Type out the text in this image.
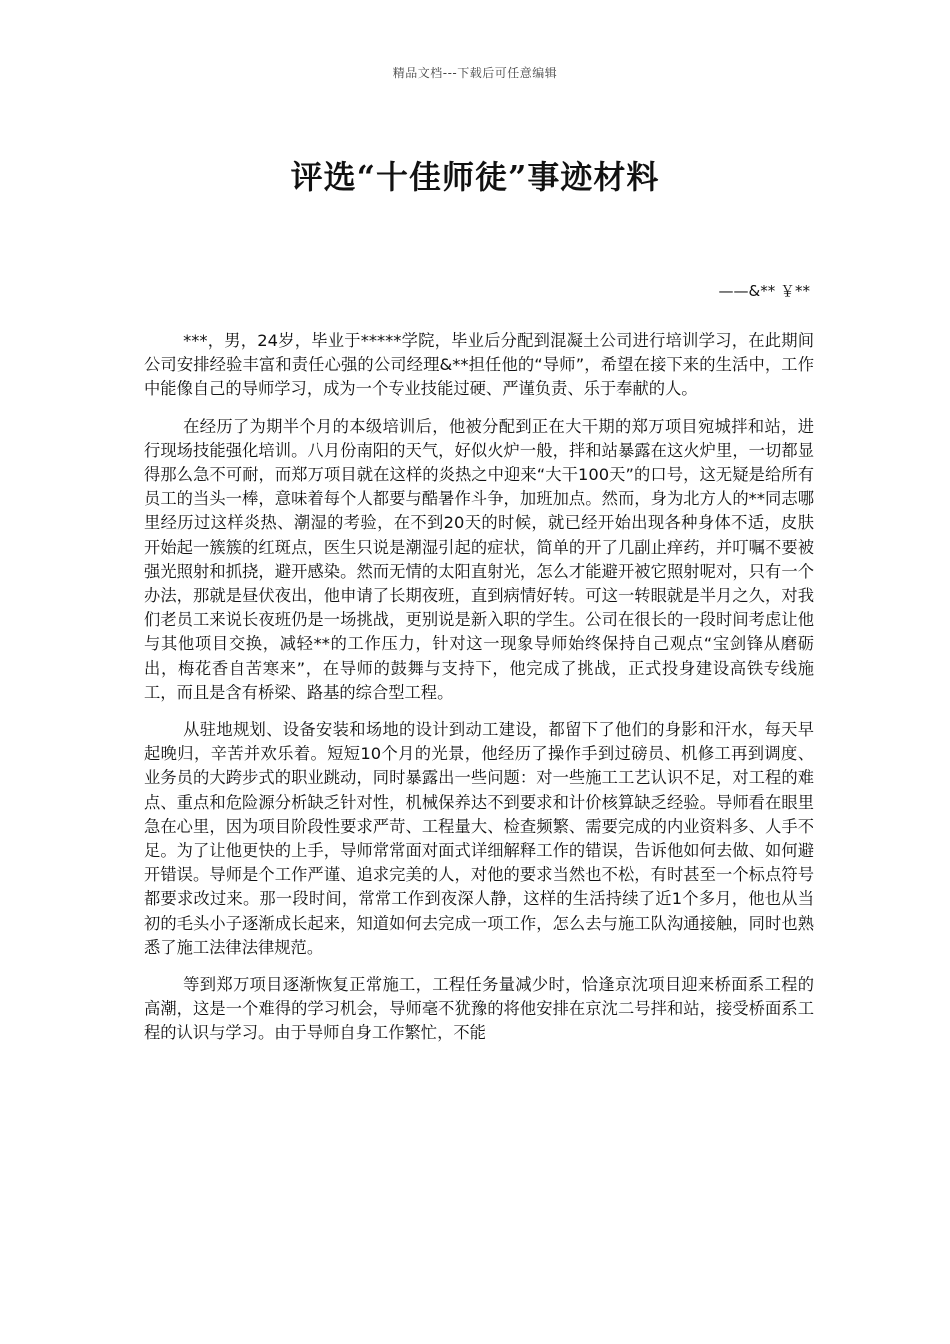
精品文档---下载后可任意编辑
评选“十佳师徒”事迹材料
——&** ￥**

***，男，24岁，毕业于*****学院，毕业后分配到混凝土公司进行培训学习，在此期间公司安排经验丰富和责任心强的公司经理&**担任他的“导师”，希望在接下来的生活中，工作中能像自己的导师学习，成为一个专业技能过硬、严谨负责、乐于奉献的人。

在经历了为期半个月的本级培训后，他被分配到正在大干期的郑万项目宛城拌和站，进行现场技能强化培训。八月份南阳的天气，好似火炉一般，拌和站暴露在这火炉里，一切都显得那么急不可耐，而郑万项目就在这样的炎热之中迎来“大干100天”的口号，这无疑是给所有员工的当头一棒，意味着每个人都要与酷暑作斗争，加班加点。然而，身为北方人的**同志哪里经历过这样炎热、潮湿的考验，在不到20天的时候，就已经开始出现各种身体不适，皮肤开始起一簇簇的红斑点，医生只说是潮湿引起的症状，简单的开了几副止痒药，并叮嘱不要被强光照射和抓挠，避开感染。然而无情的太阳直射光，怎么才能避开被它照射呢对，只有一个办法，那就是昼伏夜出，他申请了长期夜班，直到病情好转。可这一转眼就是半月之久，对我们老员工来说长夜班仍是一场挑战，更别说是新入职的学生。公司在很长的一段时间考虑让他与其他项目交换，减轻**的工作压力，针对这一现象导师始终保持自己观点“宝剑锋从磨砺出，梅花香自苦寒来”，在导师的鼓舞与支持下，他完成了挑战，正式投身建设高铁专线施工，而且是含有桥梁、路基的综合型工程。

从驻地规划、设备安装和场地的设计到动工建设，都留下了他们的身影和汗水，每天早起晚归，辛苦并欢乐着。短短10个月的光景，他经历了操作手到过磅员、机修工再到调度、业务员的大跨步式的职业跳动，同时暴露出一些问题：对一些施工工艺认识不足，对工程的难点、重点和危险源分析缺乏针对性，机械保养达不到要求和计价核算缺乏经验。导师看在眼里急在心里，因为项目阶段性要求严苛、工程量大、检查频繁、需要完成的内业资料多、人手不足。为了让他更快的上手，导师常常面对面式详细解释工作的错误，告诉他如何去做、如何避开错误。导师是个工作严谨、追求完美的人，对他的要求当然也不松，有时甚至一个标点符号都要求改过来。那一段时间，常常工作到夜深人静，这样的生活持续了近1个多月，他也从当初的毛头小子逐渐成长起来，知道如何去完成一项工作，怎么去与施工队沟通接触，同时也熟悉了施工法律法律规范。

等到郑万项目逐渐恢复正常施工，工程任务量减少时，恰逢京沈项目迎来桥面系工程的高潮，这是一个难得的学习机会，导师毫不犹豫的将他安排在京沈二号拌和站，接受桥面系工程的认识与学习。由于导师自身工作繁忙，不能
